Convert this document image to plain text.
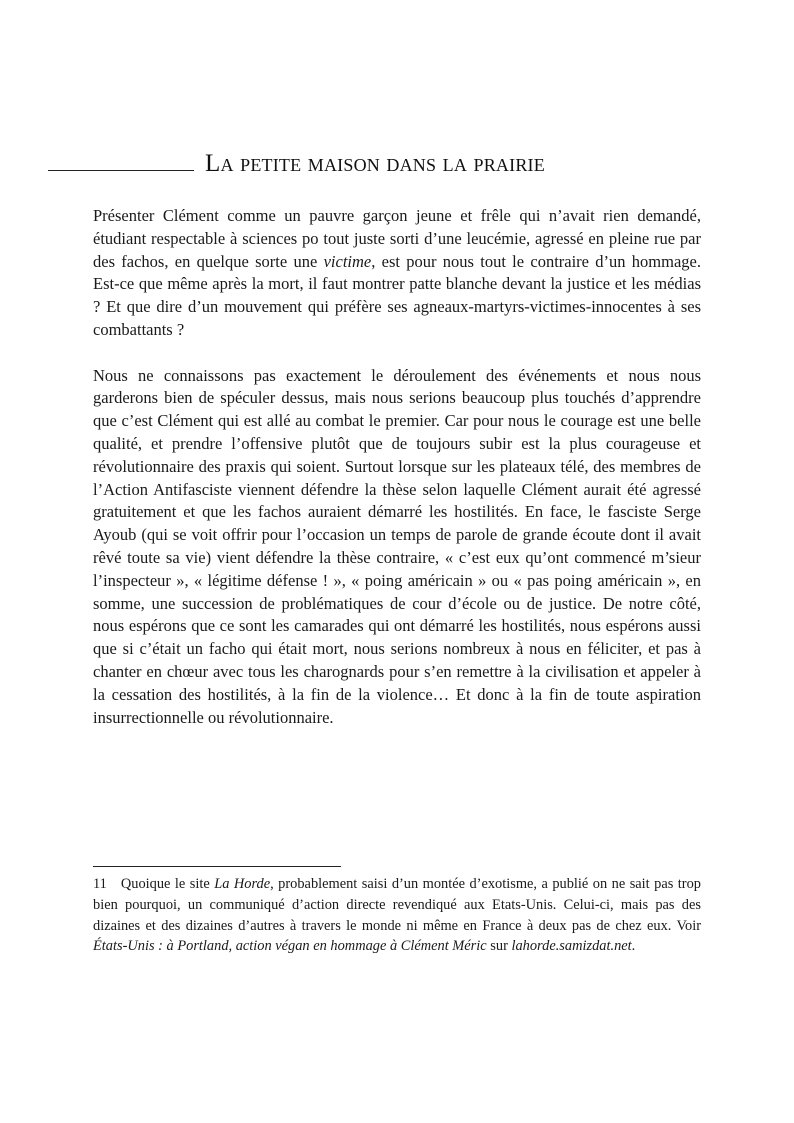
La petite maison dans la prairie

Présenter Clément comme un pauvre garçon jeune et frêle qui n’avait rien demandé, étudiant respectable à sciences po tout juste sorti d’une leucémie, agressé en pleine rue par des fachos, en quelque sorte une victime, est pour nous tout le contraire d’un hommage. Est-ce que même après la mort, il faut montrer patte blanche devant la justice et les médias ? Et que dire d’un mouvement qui préfère ses agneaux-martyrs-victimes-innocentes à ses combattants ?

Nous ne connaissons pas exactement le déroulement des événements et nous nous garderons bien de spéculer dessus, mais nous serions beaucoup plus touchés d’apprendre que c’est Clément qui est allé au combat le premier. Car pour nous le courage est une belle qualité, et prendre l’offensive plutôt que de toujours subir est la plus courageuse et révolutionnaire des praxis qui soient. Surtout lorsque sur les plateaux télé, des membres de l’Action Antifasciste viennent défendre la thèse selon laquelle Clément aurait été agressé gratuitement et que les fachos auraient démarré les hostilités. En face, le fasciste Serge Ayoub (qui se voit offrir pour l’occasion un temps de parole de grande écoute dont il avait rêvé toute sa vie) vient défendre la thèse contraire, « c’est eux qu’ont commencé m’sieur l’inspecteur », « légitime défense ! », « poing américain » ou « pas poing américain », en somme, une succession de problématiques de cour d’école ou de justice. De notre côté, nous espérons que ce sont les camarades qui ont démarré les hostilités, nous espérons aussi que si c’était un facho qui était mort, nous serions nombreux à nous en féliciter, et pas à chanter en chœur avec tous les charognards pour s’en remettre à la civilisation et appeler à la cessation des hostilités, à la fin de la violence… Et donc à la fin de toute aspiration insurrectionnelle ou révolutionnaire.

11 Quoique le site La Horde, probablement saisi d’un montée d’exotisme, a publié on ne sait pas trop bien pourquoi, un communiqué d’action directe revendiqué aux Etats-Unis. Celui-ci, mais pas des dizaines et des dizaines d’autres à travers le monde ni même en France à deux pas de chez eux. Voir États-Unis : à Portland, action végan en hommage à Clément Méric sur lahorde.samizdat.net.
